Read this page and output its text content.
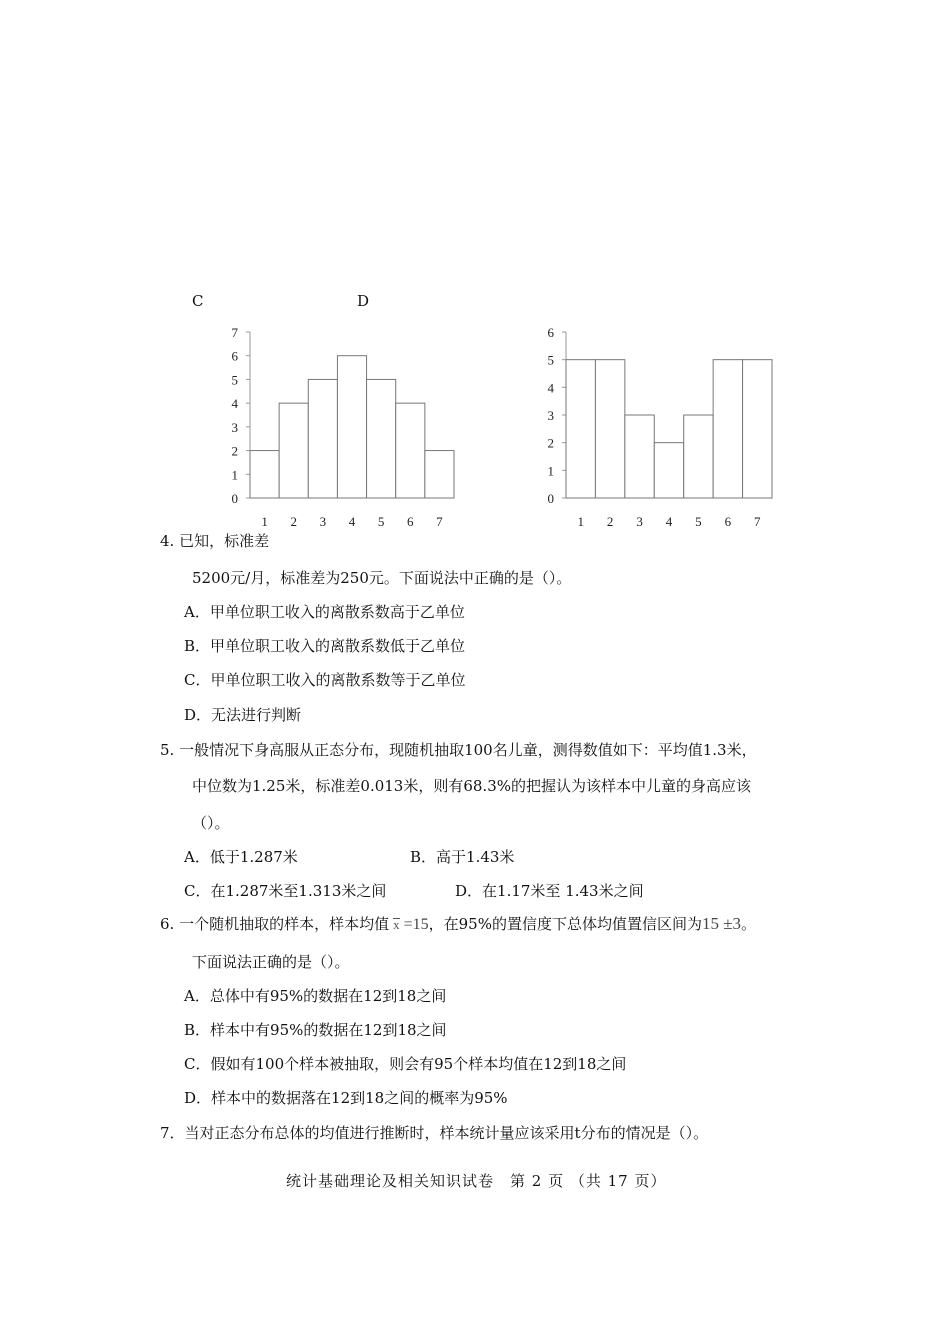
C	D
0
1
2
3
4
5
6
7
1 2 3 4 5 6 7
0
1
2
3
4
5
6
1 2 3 4 5 6 7
4. 已知，标准差
5200元/月，标准差为250元。下面说法中正确的是（）。
A．甲单位职工收入的离散系数高于乙单位
B．甲单位职工收入的离散系数低于乙单位
C．甲单位职工收入的离散系数等于乙单位
D．无法进行判断
5. 一般情况下身高服从正态分布，现随机抽取100名儿童，测得数值如下：平均值1.3米，
中位数为1.25米，标准差0.013米，则有68.3%的把握认为该样本中儿童的身高应该
（）。
A．低于1.287米	B．高于1.43米
C．在1.287米至1.313米之间	D．在1.17米至 1.43米之间
6. 一个随机抽取的样本，样本均值 x =15，在95%的置信度下总体均值置信区间为15 ±3。
下面说法正确的是（）。
A．总体中有95%的数据在12到18之间
B．样本中有95%的数据在12到18之间
C．假如有100个样本被抽取，则会有95个样本均值在12到18之间
D．样本中的数据落在12到18之间的概率为95%
7．当对正态分布总体的均值进行推断时，样本统计量应该采用t分布的情况是（）。
统计基础理论及相关知识试卷　第 2 页 （共 17 页）
